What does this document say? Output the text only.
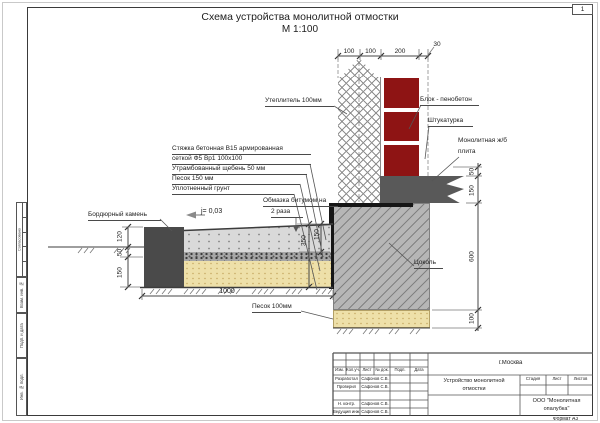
1
Схема устройства монолитной отмостки
М 1:100
Утеплитель 100мм	Блок - пенобетон
Штукатурка
Монолитная ж/б
плита
Стяжка бетонная В15 армированная
сеткой Ф5 Вр1 100х100
Утрамбованный щебень 50 мм
Песок 150 мм
Уплотненный грунт
Обмазка битумом на
2 раза
Бордюрный камень
Цоколь
Песок 100мм
j= 0,03
100	100	200
30
120
50
150
350
150
50
150
600
100
1000
Согласовано
Взам. инв. №
Подп. и дата
Инв. № подл.
Изм. Кол.уч. Лист № док.	Подп.	Дата
Разработал Сафонов С.В.
Проверил	Сафонов С.В.
Н. контр.	Сафонов С.В.
Ведущий инж. Сафонов С.В.
г.Москва
Устройство монолитной
отмостки
Стадия	Лист	Листов
ООО "Монолитная
опалубка"
Формат А3
